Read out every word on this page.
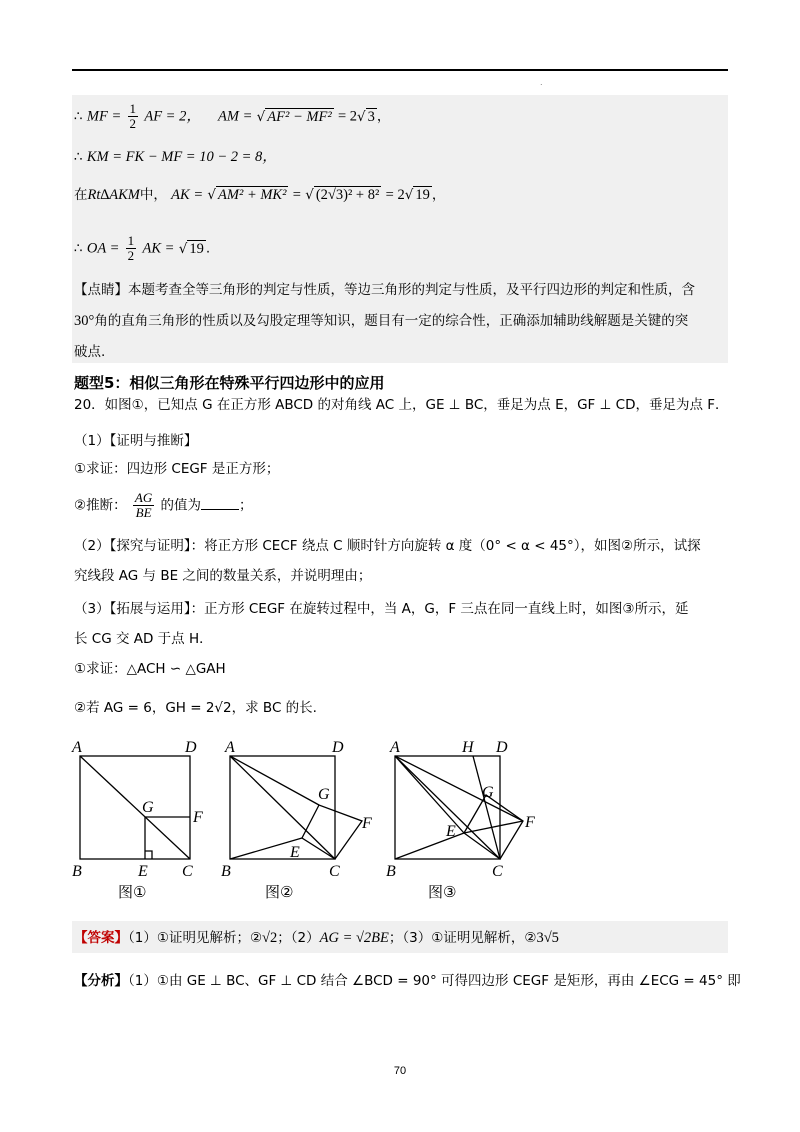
.
∴ MF = $\frac{1}{2}$ AF = 2， AM = √ AF² − MF² = 2√ 3 ，
∴ KM = FK − MF = 10 − 2 = 8，
在Rt∆AKM中， AK = √ AM² + MK² = √ (2√3)² + 8² = 2√ 19 ，
∴ OA = $\frac{1}{2}$ AK = √ 19 .
【点睛】本题考查全等三角形的判定与性质，等边三角形的判定与性质，及平行四边形的判定和性质，含
30°角的直角三角形的性质以及勾股定理等知识，题目有一定的综合性，正确添加辅助线解题是关键的突
破点.
题型5：相似三角形在特殊平行四边形中的应用
20．如图①，已知点 G 在正方形 ABCD 的对角线 AC 上，GE ⊥ BC，垂足为点 E，GF ⊥ CD，垂足为点 F．
（1）【证明与推断】
①求证：四边形 CEGF 是正方形；
②推断： $\frac{AG}{BE}$ 的值为	；
（2）【探究与证明】：将正方形 CECF 绕点 C 顺时针方向旋转 α 度（0° < α < 45°），如图②所示，试探
究线段 AG 与 BE 之间的数量关系，并说明理由；
（3）【拓展与运用】：正方形 CEGF 在旋转过程中，当 A，G，F 三点在同一直线上时，如图③所示，延
长 CG 交 AD 于点 H．
①求证：△ACH ∽ △GAH
②若 AG = 6，GH = 2√2，求 BC 的长.
A	D
G
F
B	E C
图①
A	D
G
F
E
B	C
图②
A	H D
G
F
E
B	C
图③
【答案】（1）①证明见解析；②√2；（2）AG = √2BE；（3）①证明见解析，②3√5
【分析】（1）①由 GE ⊥ BC、GF ⊥ CD 结合 ∠BCD = 90° 可得四边形 CEGF 是矩形，再由 ∠ECG = 45° 即
70
